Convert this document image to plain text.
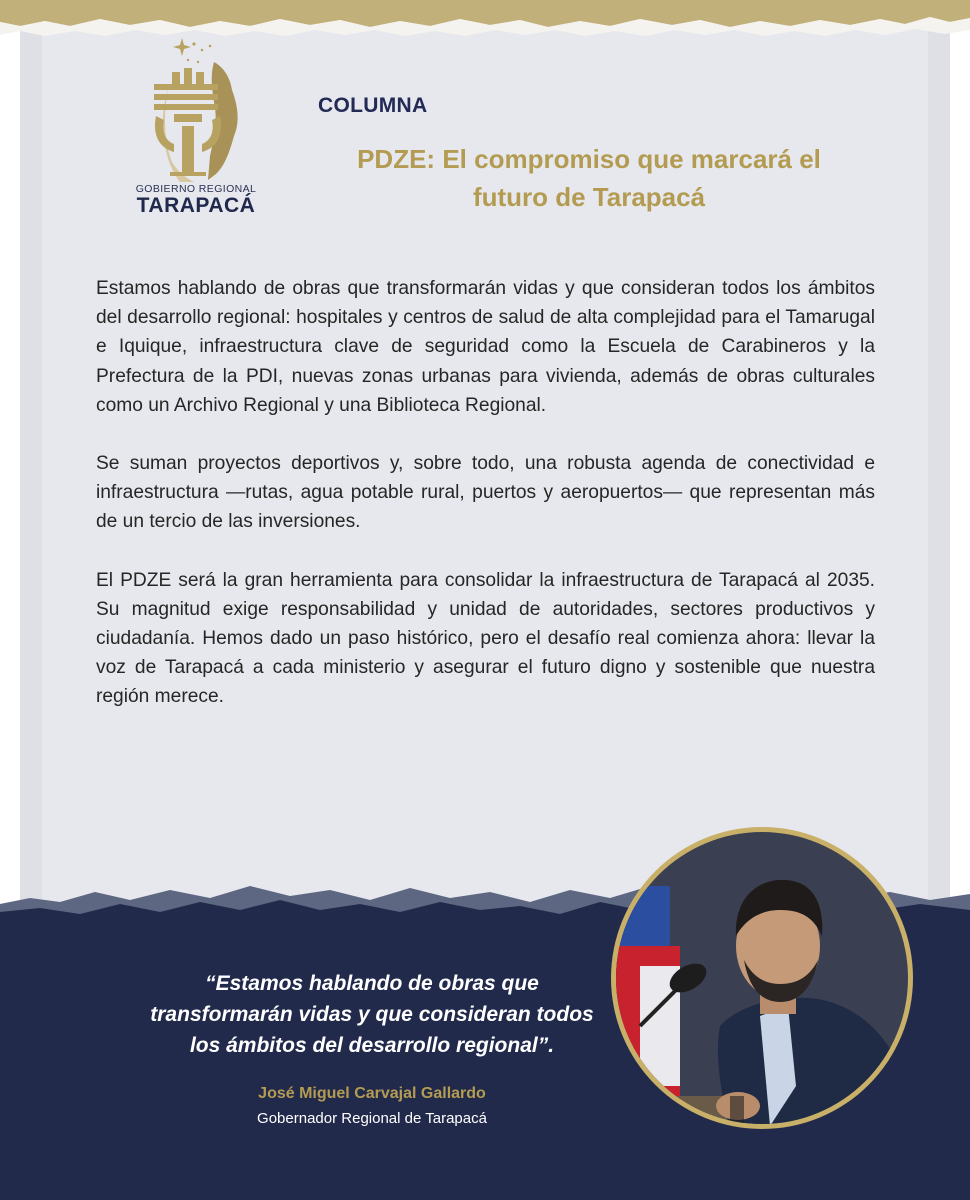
GOBIERNO REGIONAL
TARAPACÁ
COLUMNA
PDZE: El compromiso que marcará el
futuro de Tarapacá

Estamos hablando de obras que transformarán vidas y que consideran todos los ámbitos del desarrollo regional: hospitales y centros de salud de alta complejidad para el Tamarugal e Iquique, infraestructura clave de seguridad como la Escuela de Carabineros y la Prefectura de la PDI, nuevas zonas urbanas para vivienda, además de obras culturales como un Archivo Regional y una Biblioteca Regional.

Se suman proyectos deportivos y, sobre todo, una robusta agenda de conectividad e infraestructura —rutas, agua potable rural, puertos y aeropuertos— que representan más de un tercio de las inversiones.

El PDZE será la gran herramienta para consolidar la infraestructura de Tarapacá al 2035. Su magnitud exige responsabilidad y unidad de autoridades, sectores productivos y ciudadanía. Hemos dado un paso histórico, pero el desafío real comienza ahora: llevar la voz de Tarapacá a cada ministerio y asegurar el futuro digno y sostenible que nuestra región merece.

“Estamos hablando de obras que
transformarán vidas y que consideran todos
los ámbitos del desarrollo regional”.
José Miguel Carvajal Gallardo
Gobernador Regional de Tarapacá
